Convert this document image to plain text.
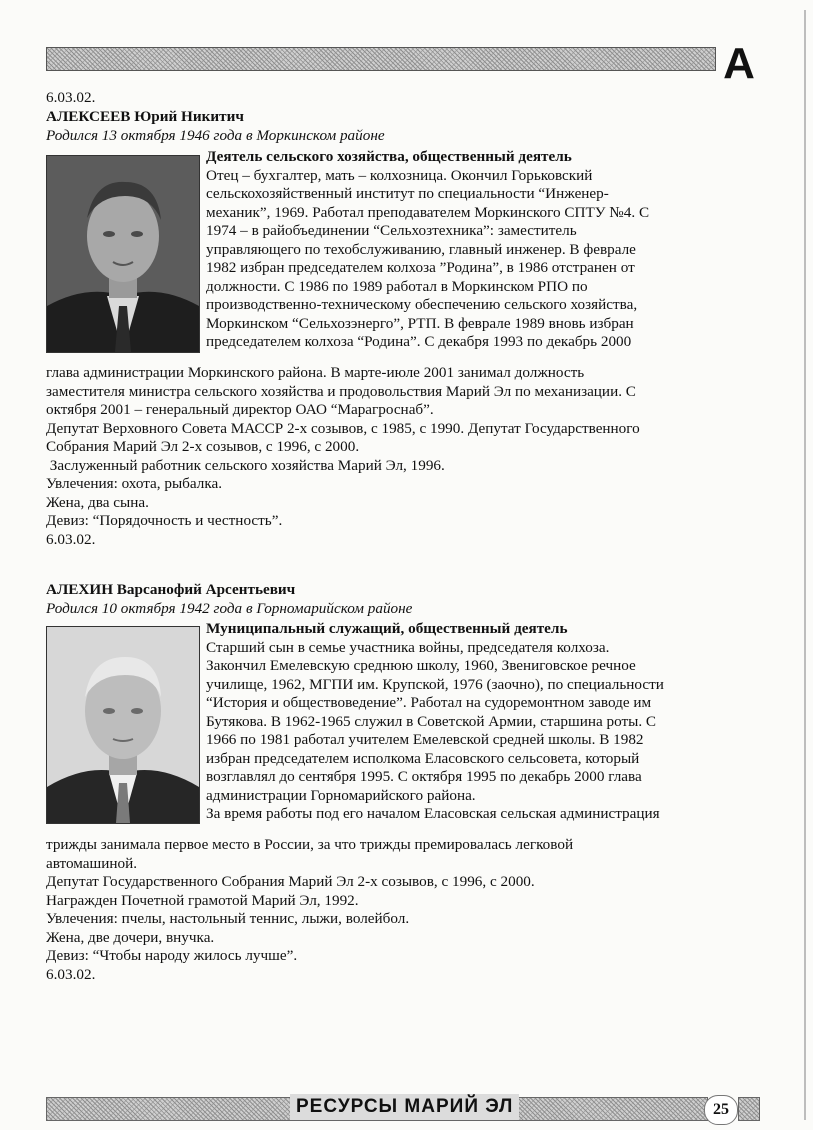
А
6.03.02.
АЛЕКСЕЕВ Юрий Никитич
Родился 13 октября 1946 года в Моркинском районе
Деятель сельского хозяйства, общественный деятель
Отец – бухгалтер, мать – колхозница. Окончил Горьковский
сельскохозяйственный институт по специальности “Инженер-
механик”, 1969. Работал преподавателем Моркинского СПТУ №4. С
1974 – в райобъединении “Сельхозтехника”: заместитель
управляющего по техобслуживанию, главный инженер. В феврале
1982 избран председателем колхоза ”Родина”, в 1986 отстранен от
должности. С 1986 по 1989 работал в Моркинском РПО по
производственно-техническому обеспечению сельского хозяйства,
Моркинском “Сельхозэнерго”, РТП. В феврале 1989 вновь избран
председателем колхоза “Родина”. С декабря 1993 по декабрь 2000
глава администрации Моркинского района. В марте-июле 2001 занимал должность
заместителя министра сельского хозяйства и продовольствия Марий Эл по механизации. С
октября 2001 – генеральный директор ОАО “Марагроснаб”.
Депутат Верховного Совета МАССР 2-х созывов, с 1985, с 1990. Депутат Государственного
Собрания Марий Эл 2-х созывов, с 1996, с 2000.
Заслуженный работник сельского хозяйства Марий Эл, 1996.
Увлечения: охота, рыбалка.
Жена, два сына.
Девиз: “Порядочность и честность”.
6.03.02.
АЛЕХИН Варсанофий Арсентьевич
Родился 10 октября 1942 года в Горномарийском районе
Муниципальный служащий, общественный деятель
Старший сын в семье участника войны, председателя колхоза.
Закончил Емелевскую среднюю школу, 1960, Звениговское речное
училище, 1962, МГПИ им. Крупской, 1976 (заочно), по специальности
“История и обществоведение”. Работал на судоремонтном заводе им
Бутякова. В 1962-1965 служил в Советской Армии, старшина роты. С
1966 по 1981 работал учителем Емелевской средней школы. В 1982
избран председателем исполкома Еласовского сельсовета, который
возглавлял до сентября 1995. С октября 1995 по декабрь 2000 глава
администрации Горномарийского района.
За время работы под его началом Еласовская сельская администрация
трижды занимала первое место в России, за что трижды премировалась легковой
автомашиной.
Депутат Государственного Собрания Марий Эл 2-х созывов, с 1996, с 2000.
Награжден Почетной грамотой Марий Эл, 1992.
Увлечения: пчелы, настольный теннис, лыжи, волейбол.
Жена, две дочери, внучка.
Девиз: “Чтобы народу жилось лучше”.
6.03.02.
РЕСУРСЫ МАРИЙ ЭЛ	25
